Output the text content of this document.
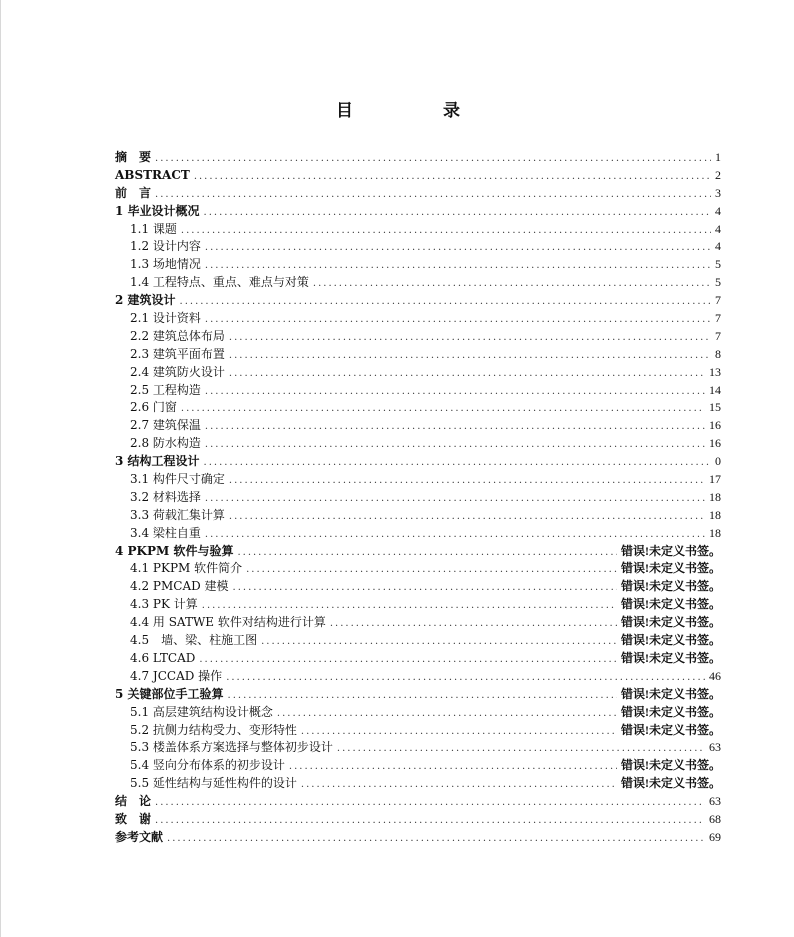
目 录
摘　要 .....	1
ABSTRACT .....	2
前　言 .....	3
1 毕业设计概况 .....	4
1.1 课题 .....	4
1.2 设计内容 .....	4
1.3 场地情况 .....	5
1.4 工程特点、重点、难点与对策 .....	5
2 建筑设计 .....	7
2.1 设计资料 .....	7
2.2 建筑总体布局 .....	7
2.3 建筑平面布置 .....	8
2.4 建筑防火设计 .....	13
2.5 工程构造 .....	14
2.6 门窗 .....	15
2.7 建筑保温 .....	16
2.8 防水构造 .....	16
3 结构工程设计 .....	0
3.1 构件尺寸确定 .....	17
3.2 材料选择 .....	18
3.3 荷载汇集计算 .....	18
3.4 梁柱自重 .....	18
4 PKPM 软件与验算 .....	错误!未定义书签。
4.1 PKPM 软件简介 .....	错误!未定义书签。
4.2 PMCAD 建模 .....	错误!未定义书签。
4.3 PK 计算 .....	错误!未定义书签。
4.4 用 SATWE 软件对结构进行计算 .....	错误!未定义书签。
4.5　墙、梁、柱施工图 .....	错误!未定义书签。
4.6 LTCAD .....	错误!未定义书签。
4.7 JCCAD 操作 .....	46
5 关键部位手工验算 .....	错误!未定义书签。
5.1 高层建筑结构设计概念 .....	错误!未定义书签。
5.2 抗侧力结构受力、变形特性 .....	错误!未定义书签。
5.3 楼盖体系方案选择与整体初步设计 .....	63
5.4 竖向分布体系的初步设计 .....	错误!未定义书签。
5.5 延性结构与延性构件的设计 .....	错误!未定义书签。
结　论 .....	63
致　谢 .....	68
参考文献 .....	69
